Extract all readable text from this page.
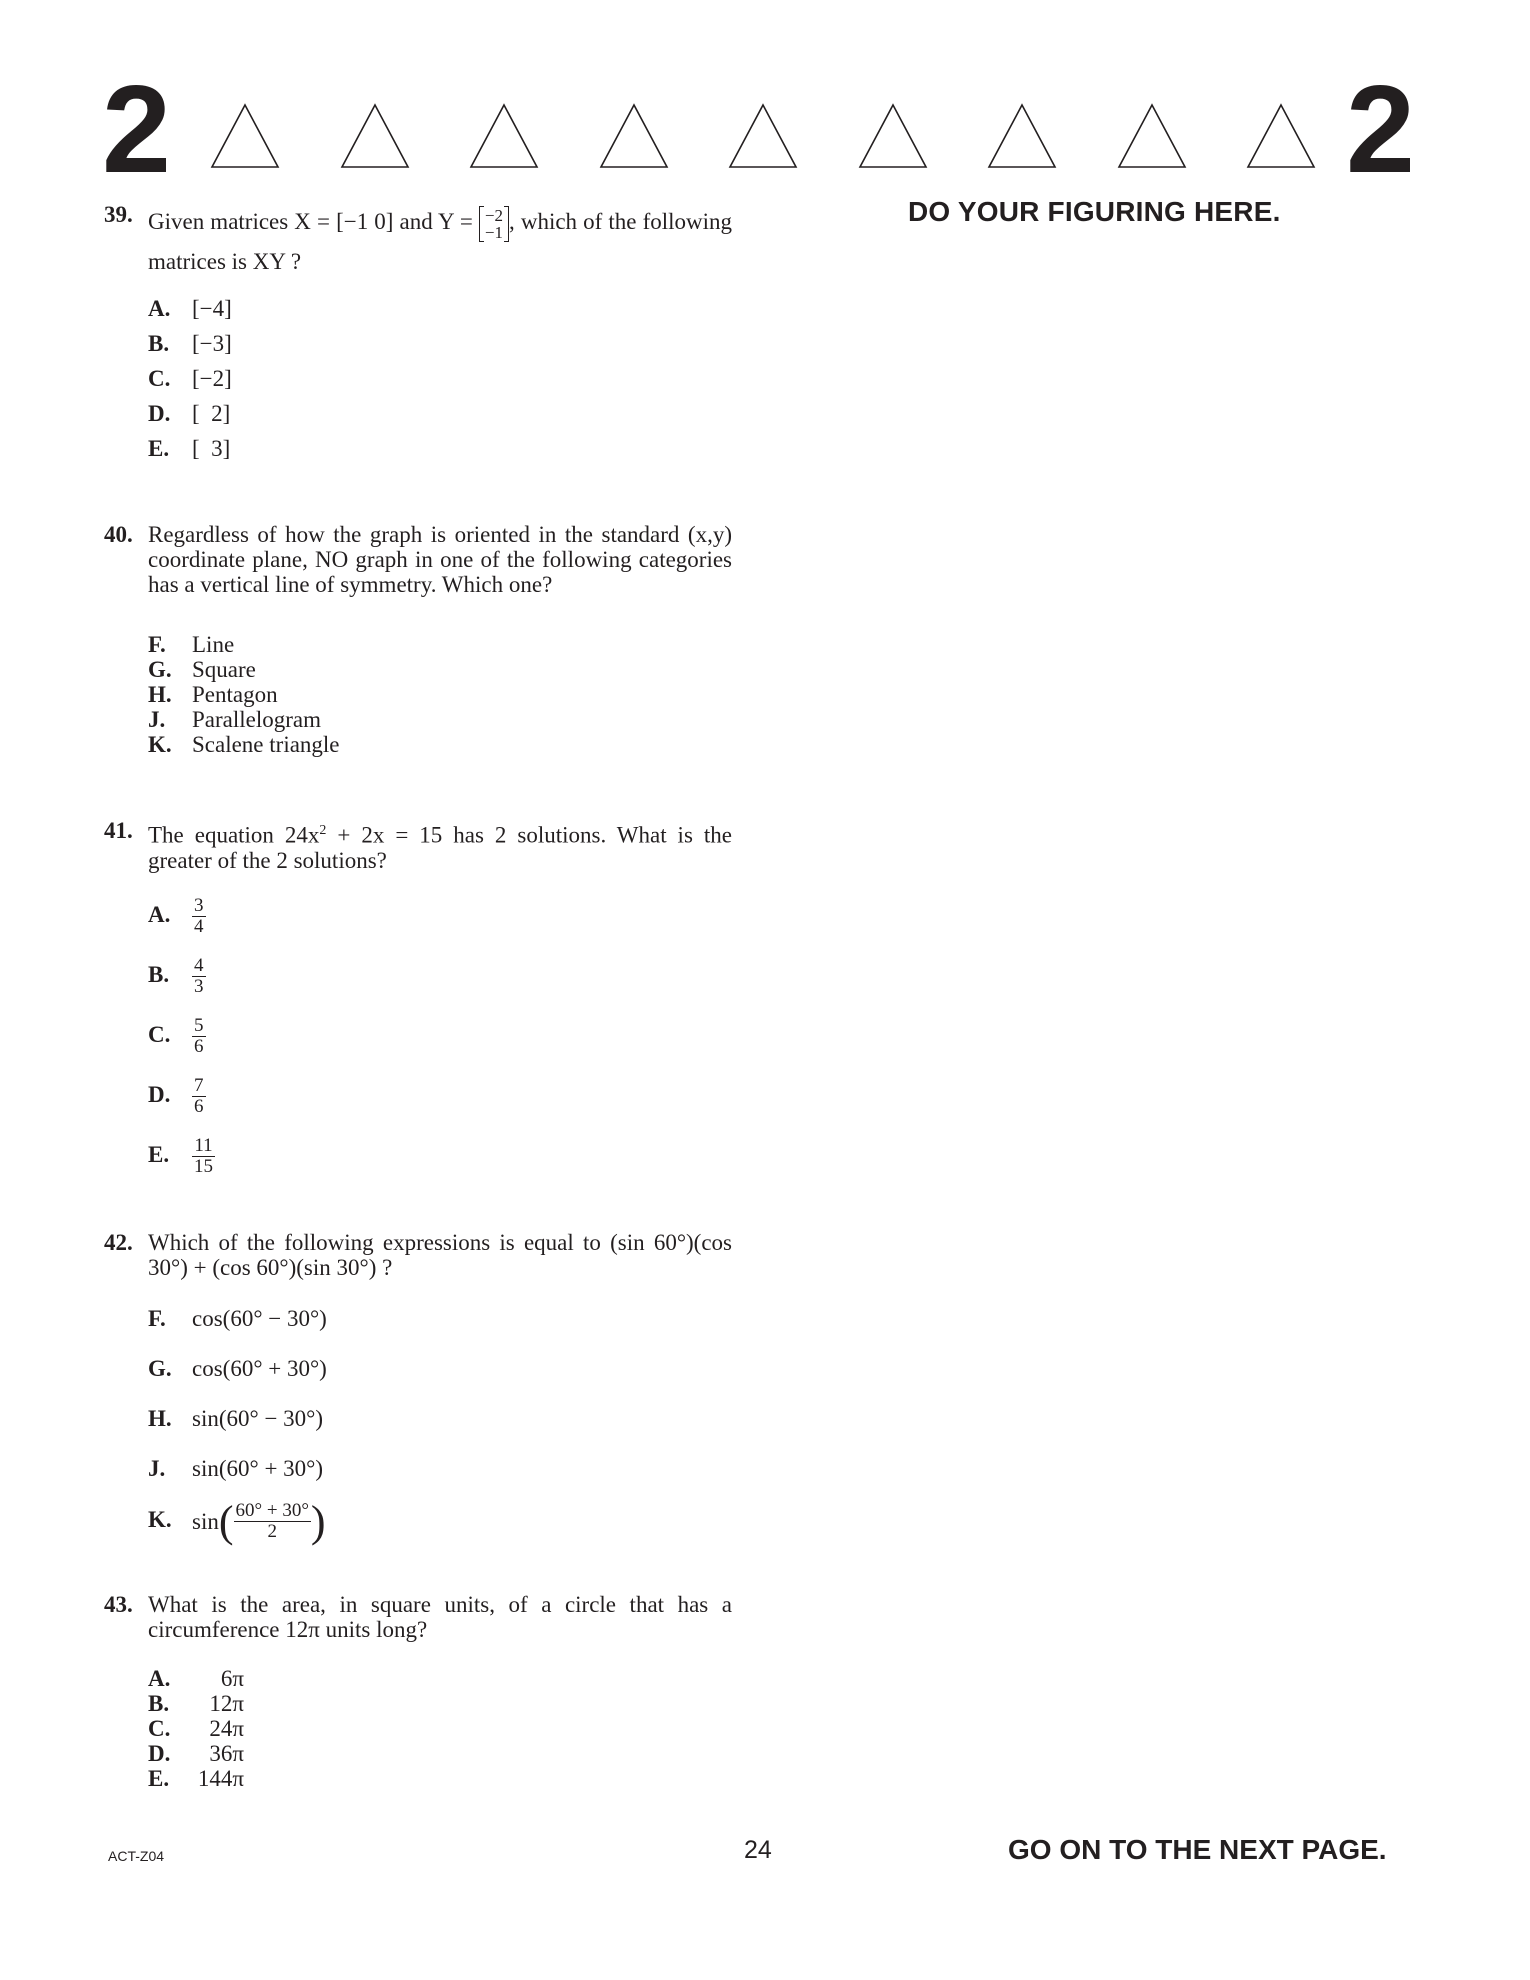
2	2
DO YOUR FIGURING HERE.
39. Given matrices X = [−1 0] and Y = −2
−1 , which of the following matrices is XY ?
A. [−4]
B. [−3]
C. [−2]
D. [  2]
E. [  3]
40. Regardless of how the graph is oriented in the standard (x,y) coordinate plane, NO graph in one of the following categories has a vertical line of symmetry. Which one?
F. Line
G. Square
H. Pentagon
J. Parallelogram
K. Scalene triangle
41. The equation $24x^2 + 2x = 15$ has 2 solutions. What is the greater of the 2 solutions?
A. $\frac{3}{4}$
B. $\frac{4}{3}$
C. $\frac{5}{6}$
D. $\frac{7}{6}$
E. $\frac{11}{15}$
42. Which of the following expressions is equal to (sin 60°)(cos 30°) + (cos 60°)(sin 30°) ?
F. cos(60° − 30°)
G. cos(60° + 30°)
H. sin(60° − 30°)
J. sin(60° + 30°)
K. $\sin( \frac{60^\circ + 30^\circ}{2}$ )
43. What is the area, in square units, of a circle that has a circumference 12π units long?
A. 6π
B. 12π
C. 24π
D. 36π
E. 144π
ACT-Z04	24	GO ON TO THE NEXT PAGE.
